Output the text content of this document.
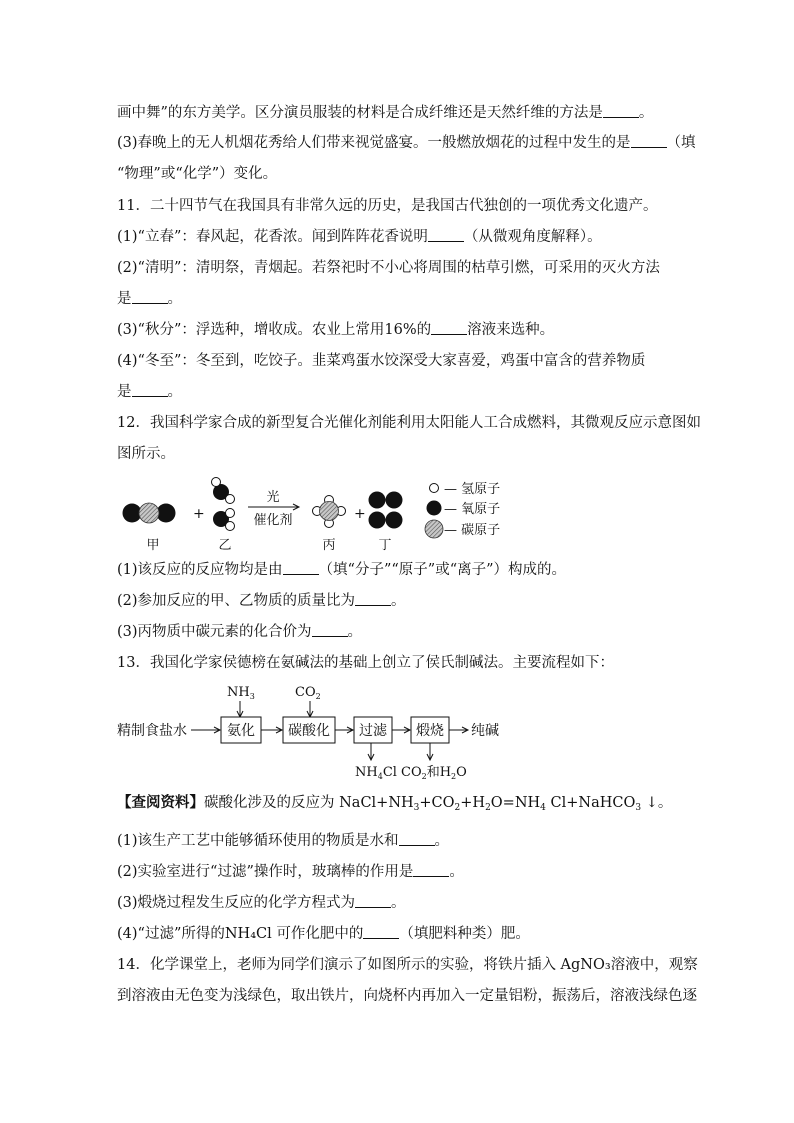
画中舞”的东方美学。区分演员服装的材料是合成纤维还是天然纤维的方法是 。
(3)春晚上的无人机烟花秀给人们带来视觉盛宴。一般燃放烟花的过程中发生的是 （填
“物理”或“化学”）变化。
11．二十四节气在我国具有非常久远的历史，是我国古代独创的一项优秀文化遗产。
(1)“立春”：春风起，花香浓。闻到阵阵花香说明 （从微观角度解释）。
(2)“清明”：清明祭，青烟起。若祭祀时不小心将周围的枯草引燃，可采用的灭火方法
是 。
(3)“秋分”：浮选种，增收成。农业上常用16%的 溶液来选种。
(4)“冬至”：冬至到，吃饺子。韭菜鸡蛋水饺深受大家喜爱，鸡蛋中富含的营养物质
是 。
12．我国科学家合成的新型复合光催化剂能利用太阳能人工合成燃料，其微观反应示意图如
图所示。
+
光
催化剂	+
— 氢原子
— 氧原子
— 碳原子
甲	乙	丙	丁
(1)该反应的反应物均是由 （填“分子”“原子”或“离子”）构成的。
(2)参加反应的甲、乙物质的质量比为 。
(3)丙物质中碳元素的化合价为 。
13．我国化学家侯德榜在氨碱法的基础上创立了侯氏制碱法。主要流程如下：
$NH_3$	$CO_2$
精制食盐水	氨化 碳酸化 过滤 煅烧 纯碱
$NH_4Cl$ $CO_2$和$H_2O$
【查阅资料】碳酸化涉及的反应为 $NaCl+NH_3+CO_2+H_2O=NH_4$ Cl+NaHCO$_3$ ↓。
(1)该生产工艺中能够循环使用的物质是水和 。
(2)实验室进行“过滤”操作时，玻璃棒的作用是 。
(3)煅烧过程发生反应的化学方程式为 。
(4)“过滤”所得的NH₄Cl 可作化肥中的 （填肥料种类）肥。
14．化学课堂上，老师为同学们演示了如图所示的实验，将铁片插入 AgNO₃溶液中，观察
到溶液由无色变为浅绿色，取出铁片，向烧杯内再加入一定量铝粉，振荡后，溶液浅绿色逐
